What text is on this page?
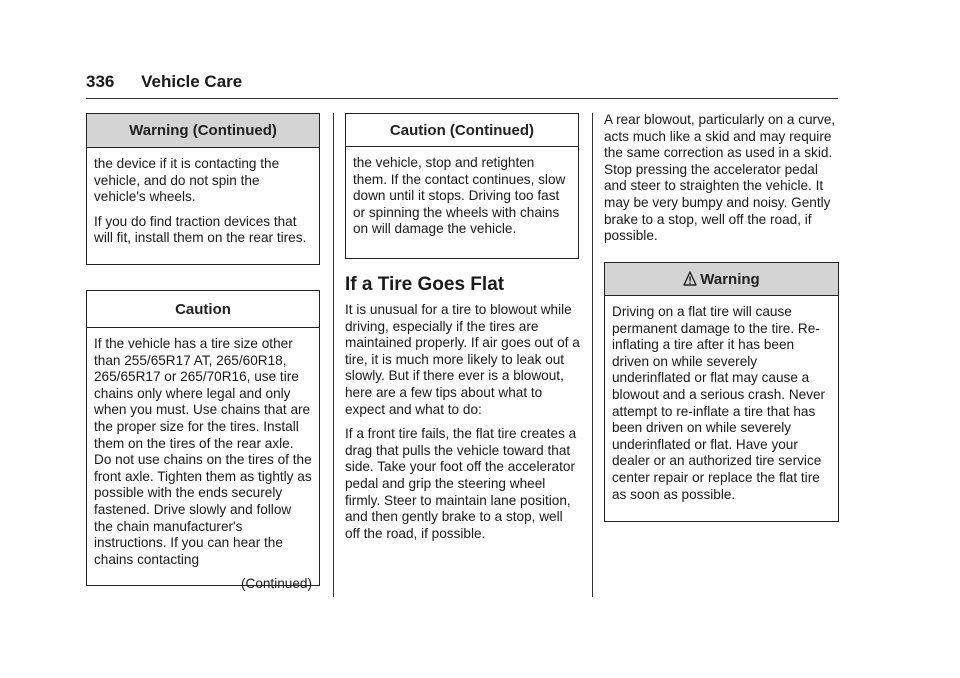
336 Vehicle Care
Warning (Continued)

the device if it is contacting the vehicle, and do not spin the vehicle's wheels.

If you do find traction devices that will fit, install them on the rear tires.

Caution

If the vehicle has a tire size other than 255/65R17 AT, 265/60R18, 265/65R17 or 265/70R16, use tire chains only where legal and only when you must. Use chains that are the proper size for the tires. Install them on the tires of the rear axle. Do not use chains on the tires of the front axle. Tighten them as tightly as possible with the ends securely fastened. Drive slowly and follow the chain manufacturer's instructions. If you can hear the chains contacting

(Continued)
Caution (Continued)

the vehicle, stop and retighten them. If the contact continues, slow down until it stops. Driving too fast or spinning the wheels with chains on will damage the vehicle.

If a Tire Goes Flat

It is unusual for a tire to blowout while driving, especially if the tires are maintained properly. If air goes out of a tire, it is much more likely to leak out slowly. But if there ever is a blowout, here are a few tips about what to expect and what to do:

If a front tire fails, the flat tire creates a drag that pulls the vehicle toward that side. Take your foot off the accelerator pedal and grip the steering wheel firmly. Steer to maintain lane position, and then gently brake to a stop, well off the road, if possible.

A rear blowout, particularly on a curve, acts much like a skid and may require the same correction as used in a skid. Stop pressing the accelerator pedal and steer to straighten the vehicle. It may be very bumpy and noisy. Gently brake to a stop, well off the road, if possible.

Warning

Driving on a flat tire will cause permanent damage to the tire. Re-inflating a tire after it has been driven on while severely underinflated or flat may cause a blowout and a serious crash. Never attempt to re-inflate a tire that has been driven on while severely underinflated or flat. Have your dealer or an authorized tire service center repair or replace the flat tire as soon as possible.
